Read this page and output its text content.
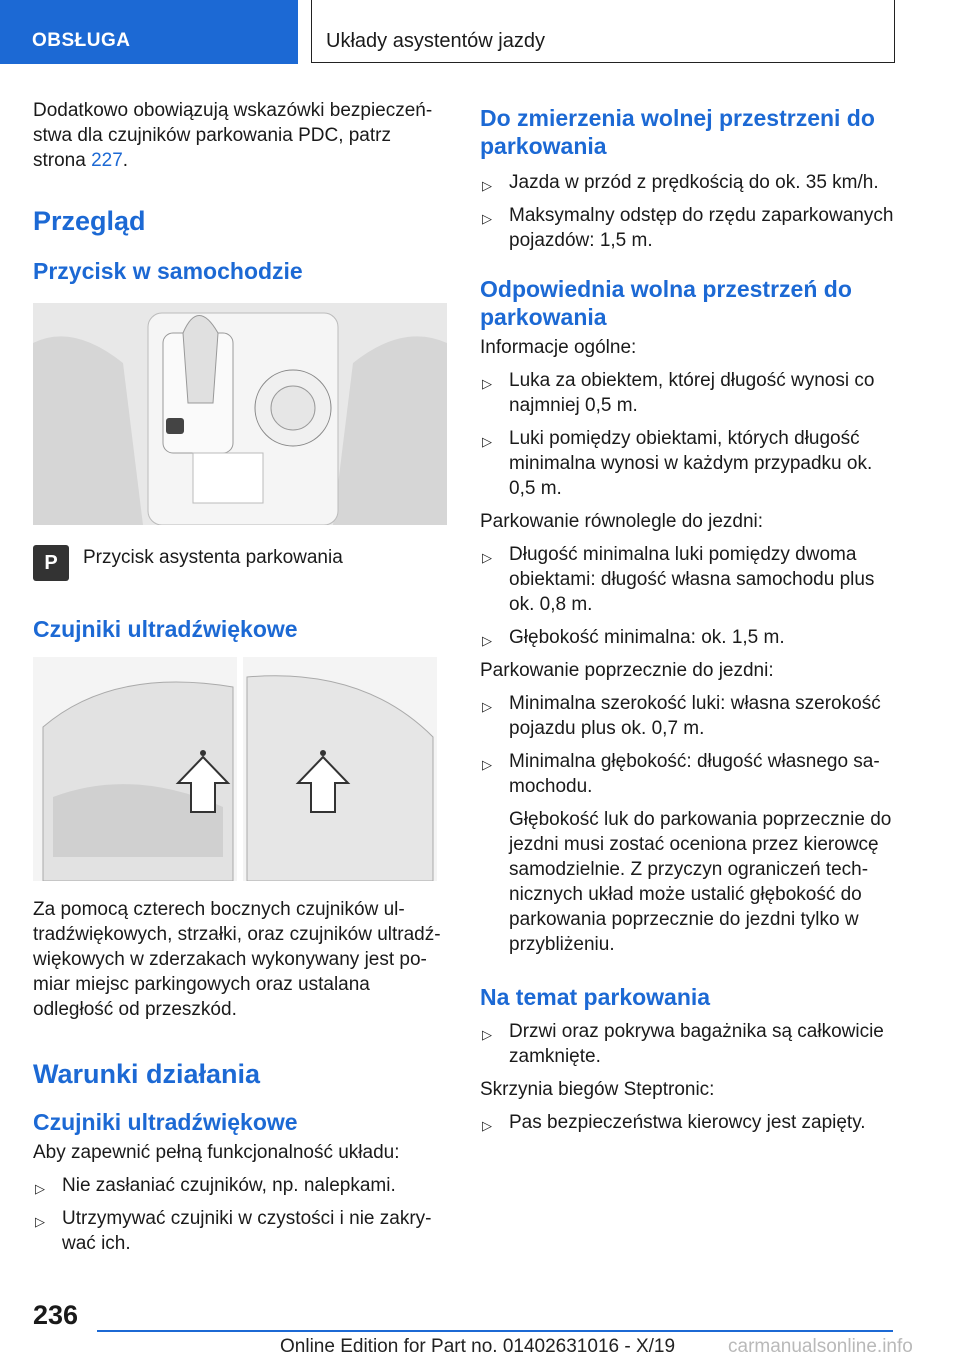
OBSŁUGA	Układy asystentów jazdy

Dodatkowo obowiązują wskazówki bezpieczeń-stwa dla czujników parkowania PDC, patrz strona 227.

Przegląd
Przycisk w samochodzie
P	Przycisk asystenta parkowania

Czujniki ultradźwiękowe

Za pomocą czterech bocznych czujników ul-tradźwiękowych, strzałki, oraz czujników ultradź-więkowych w zderzakach wykonywany jest po-miar miejsc parkingowych oraz ustalana odległość od przeszkód.

Warunki działania
Czujniki ultradźwiękowe

Aby zapewnić pełną funkcjonalność układu:

▷ Nie zasłaniać czujników, np. nalepkami.
▷ Utrzymywać czujniki w czystości i nie zakry-wać ich.
Do zmierzenia wolnej przestrzeni do parkowania
▷ Jazda w przód z prędkością do ok. 35 km/h.
▷ Maksymalny odstęp do rzędu zaparkowanych pojazdów: 1,5 m.
Odpowiednia wolna przestrzeń do parkowania

Informacje ogólne:

▷ Luka za obiektem, której długość wynosi co najmniej 0,5 m.
▷ Luki pomiędzy obiektami, których długość minimalna wynosi w każdym przypadku ok. 0,5 m.

Parkowanie równolegle do jezdni:

▷ Długość minimalna luki pomiędzy dwoma obiektami: długość własna samochodu plus ok. 0,8 m.
▷ Głębokość minimalna: ok. 1,5 m.

Parkowanie poprzecznie do jezdni:

▷ Minimalna szerokość luki: własna szerokość pojazdu plus ok. 0,7 m.
▷ Minimalna głębokość: długość własnego sa-mochodu.

Głębokość luk do parkowania poprzecznie do jezdni musi zostać oceniona przez kierowcę samodzielnie. Z przyczyn ograniczeń tech-nicznych układ może ustalić głębokość do parkowania poprzecznie do jezdni tylko w przybliżeniu.

Na temat parkowania
▷ Drzwi oraz pokrywa bagażnika są całkowicie zamknięte.

Skrzynia biegów Steptronic:

▷ Pas bezpieczeństwa kierowcy jest zapięty.
236
Online Edition for Part no. 01402631016 - X/19	carmanualsonline.info
